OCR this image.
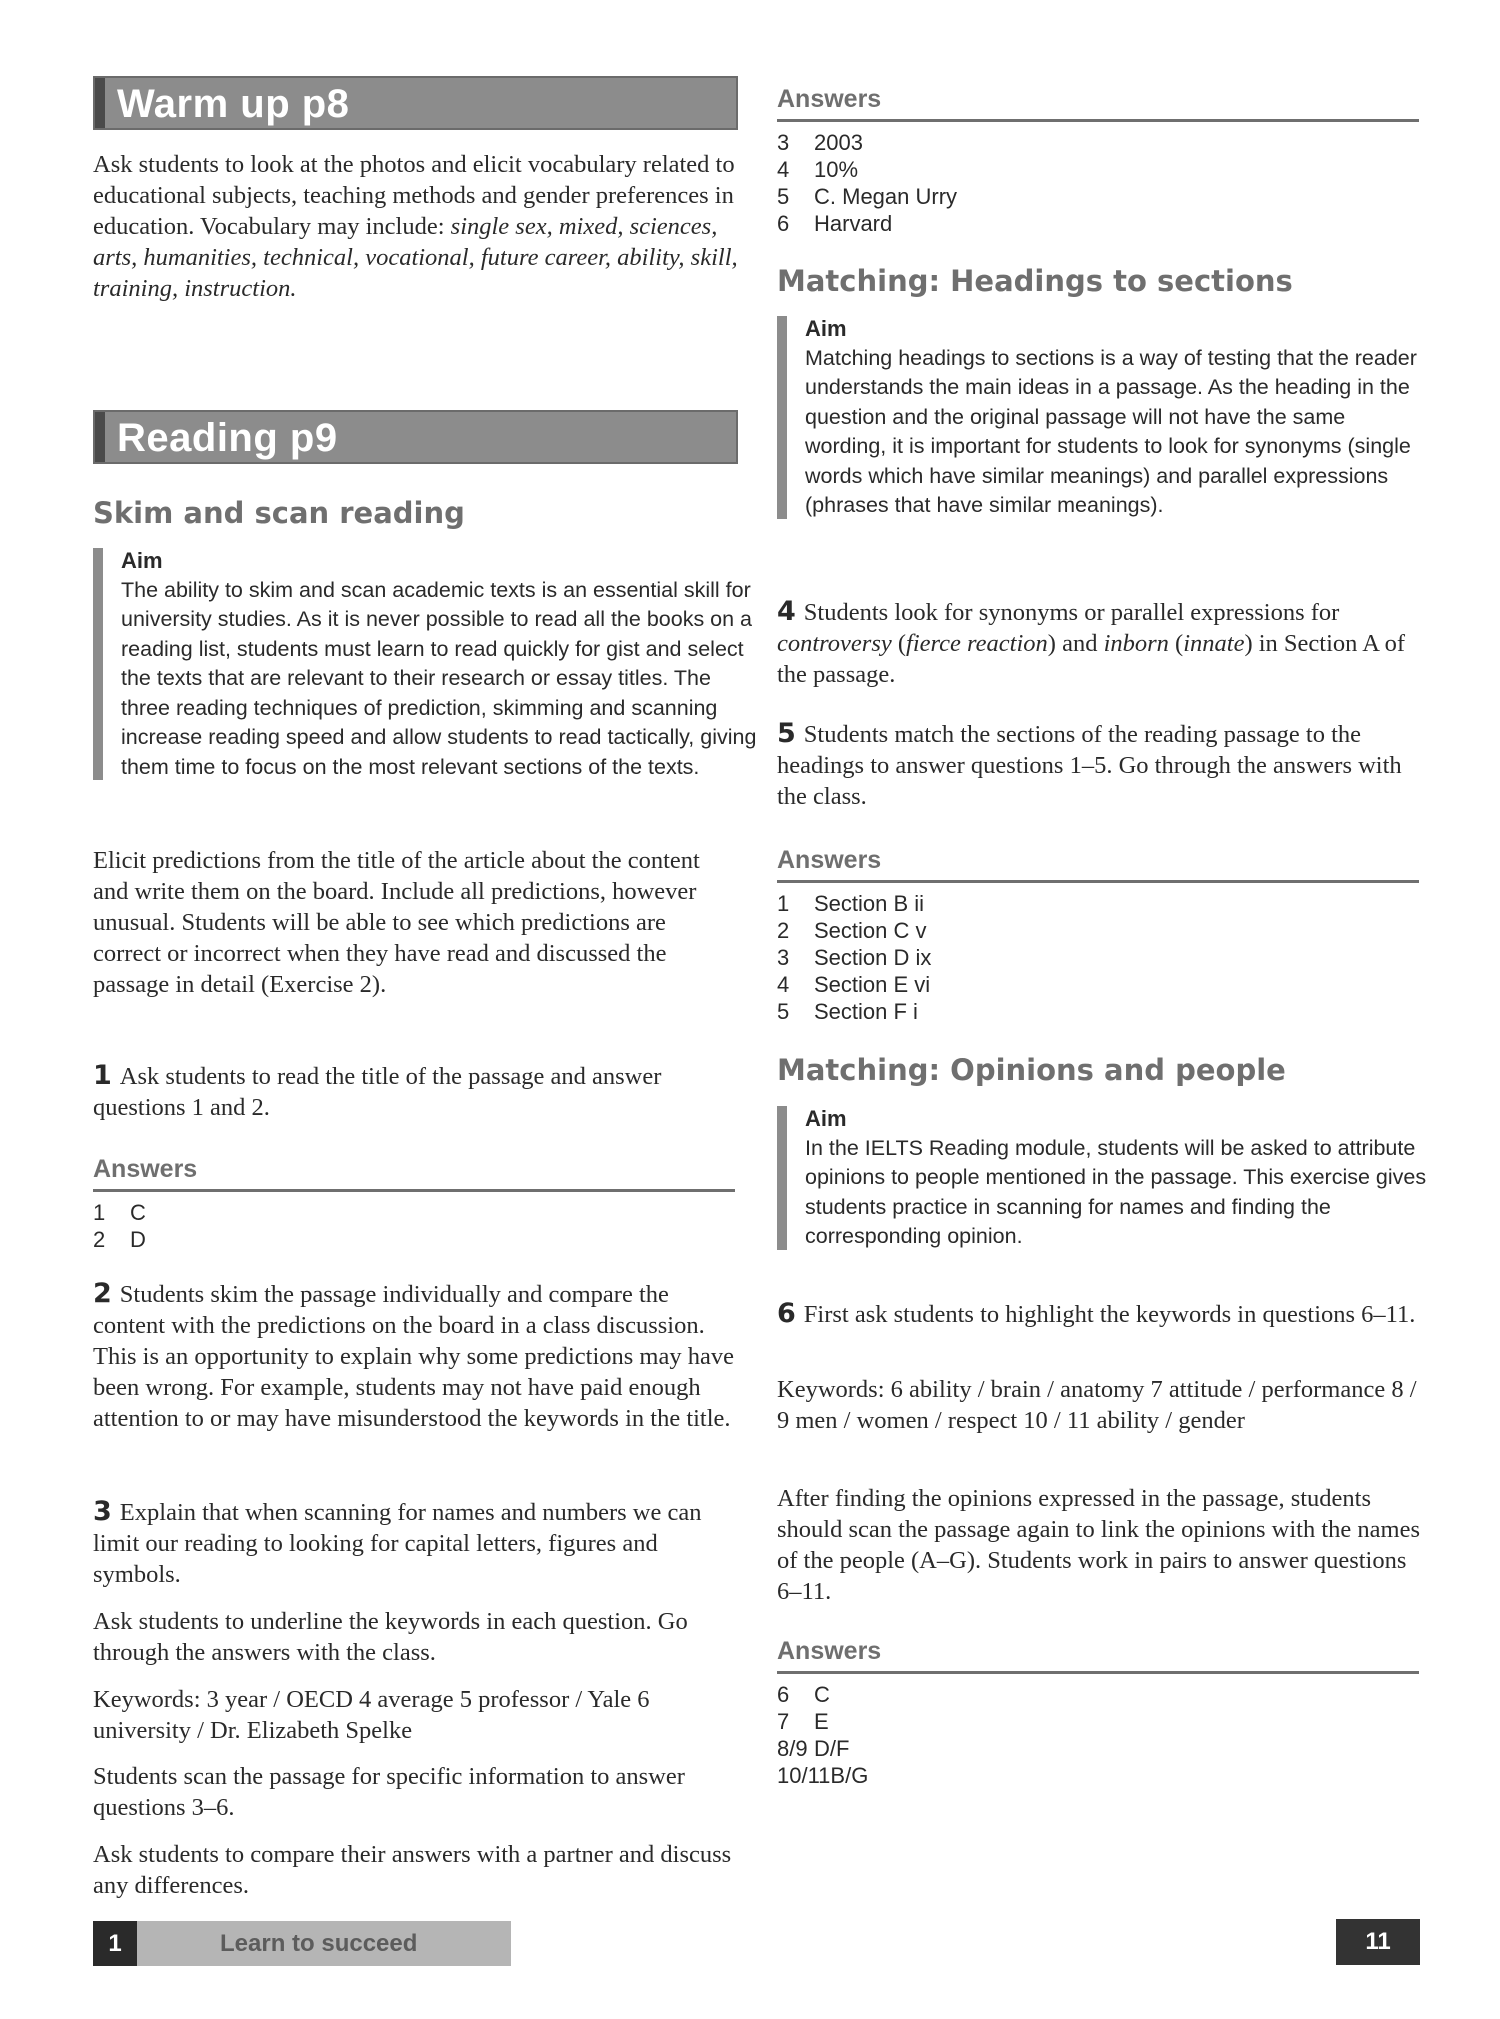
Warm up p8

Ask students to look at the photos and elicit vocabulary related to educational subjects, teaching methods and gender preferences in education. Vocabulary may include: single sex, mixed, sciences, arts, humanities, technical, vocational, future career, ability, skill, training, instruction.

Reading p9
Skim and scan reading
Aim
The ability to skim and scan academic texts is an essential skill for university studies. As it is never possible to read all the books on a reading list, students must learn to read quickly for gist and select the texts that are relevant to their research or essay titles. The three reading techniques of prediction, skimming and scanning increase reading speed and allow students to read tactically, giving them time to focus on the most relevant sections of the texts.

Elicit predictions from the title of the article about the content and write them on the board. Include all predictions, however unusual. Students will be able to see which predictions are correct or incorrect when they have read and discussed the passage in detail (Exercise 2).

1 Ask students to read the title of the passage and answer questions 1 and 2.

Answers
1 C
2 D

2 Students skim the passage individually and compare the content with the predictions on the board in a class discussion. This is an opportunity to explain why some predictions may have been wrong. For example, students may not have paid enough attention to or may have misunderstood the keywords in the title.

3 Explain that when scanning for names and numbers we can limit our reading to looking for capital letters, figures and symbols.

Ask students to underline the keywords in each question. Go through the answers with the class.

Keywords: 3 year / OECD 4 average 5 professor / Yale 6 university / Dr. Elizabeth Spelke

Students scan the passage for specific information to answer questions 3–6.

Ask students to compare their answers with a partner and discuss any differences.

Answers
3 2003
4 10%
5 C. Megan Urry
6 Harvard
Matching: Headings to sections
Aim
Matching headings to sections is a way of testing that the reader understands the main ideas in a passage. As the heading in the question and the original passage will not have the same wording, it is important for students to look for synonyms (single words which have similar meanings) and parallel expressions (phrases that have similar meanings).

4 Students look for synonyms or parallel expressions for controversy (fierce reaction) and inborn (innate) in Section A of the passage.

5 Students match the sections of the reading passage to the headings to answer questions 1–5. Go through the answers with the class.

Answers
1 Section B ii
2 Section C v
3 Section D ix
4 Section E vi
5 Section F i
Matching: Opinions and people
Aim
In the IELTS Reading module, students will be asked to attribute opinions to people mentioned in the passage. This exercise gives students practice in scanning for names and finding the corresponding opinion.

6 First ask students to highlight the keywords in questions 6–11.

Keywords: 6 ability / brain / anatomy 7 attitude / performance 8 / 9 men / women / respect 10 / 11 ability / gender

After finding the opinions expressed in the passage, students should scan the passage again to link the opinions with the names of the people (A–G). Students work in pairs to answer questions 6–11.

Answers
6 C
7 E
8/9 D/F
10/11B/G
1	Learn to succeed	11
